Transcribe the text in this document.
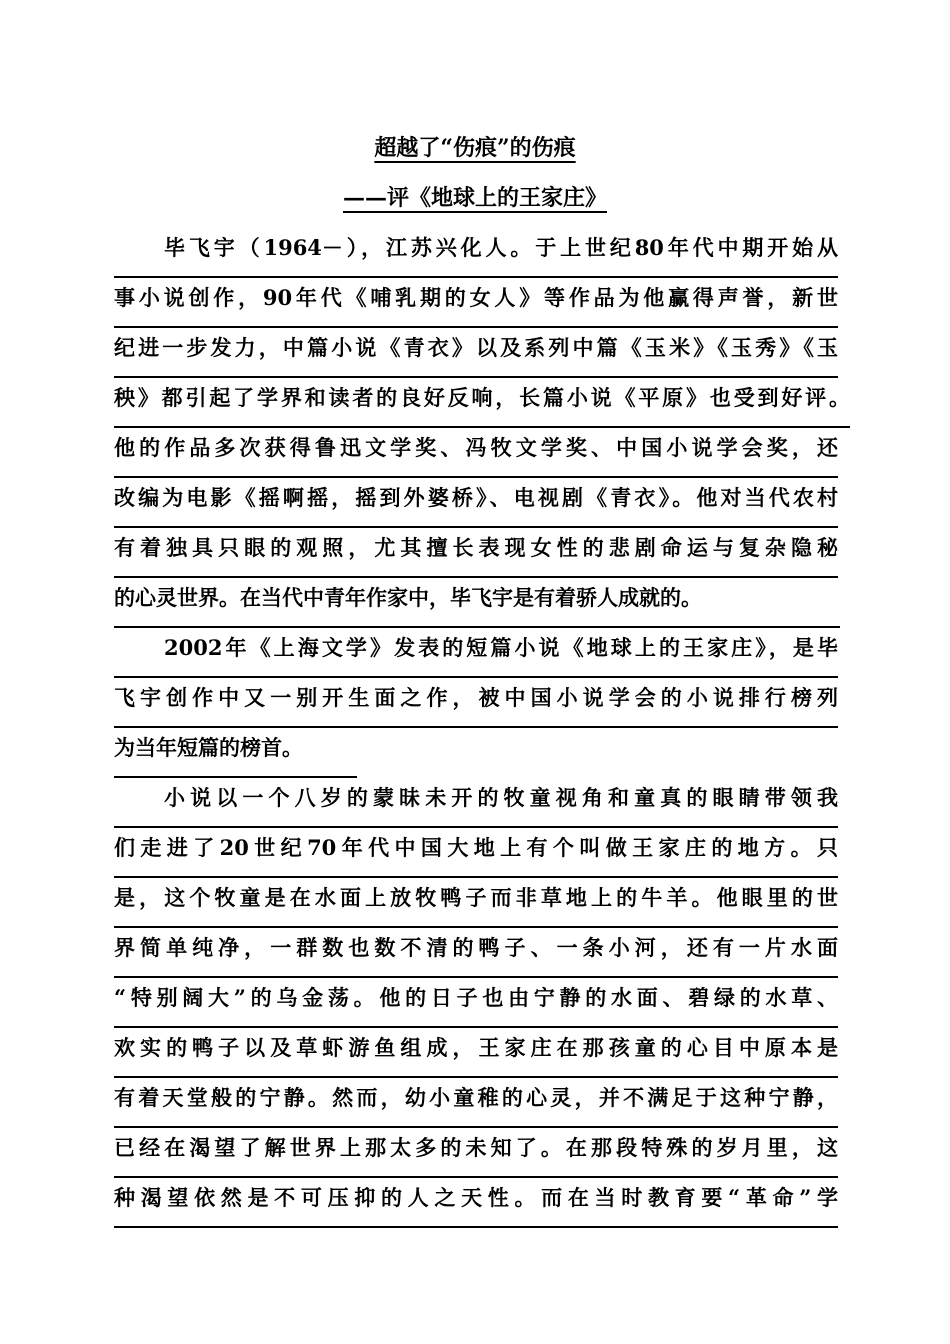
超越了“伤痕”的伤痕
——评《地球上的王家庄》
毕飞宇（1964－），江苏兴化人。于上世纪80年代中期开始从
事小说创作，90年代《哺乳期的女人》等作品为他赢得声誉，新世
纪进一步发力，中篇小说《青衣》以及系列中篇《玉米》《玉秀》《玉
秧》都引起了学界和读者的良好反响，长篇小说《平原》也受到好评。
他的作品多次获得鲁迅文学奖、冯牧文学奖、中国小说学会奖，还
改编为电影《摇啊摇，摇到外婆桥》、电视剧《青衣》。他对当代农村
有着独具只眼的观照，尤其擅长表现女性的悲剧命运与复杂隐秘
的心灵世界。在当代中青年作家中，毕飞宇是有着骄人成就的。
2002年《上海文学》发表的短篇小说《地球上的王家庄》，是毕
飞宇创作中又一别开生面之作，被中国小说学会的小说排行榜列
为当年短篇的榜首。
小说以一个八岁的蒙昧未开的牧童视角和童真的眼睛带领我
们走进了20世纪70年代中国大地上有个叫做王家庄的地方。只
是，这个牧童是在水面上放牧鸭子而非草地上的牛羊。他眼里的世
界简单纯净，一群数也数不清的鸭子、一条小河，还有一片水面
“特别阔大”的乌金荡。他的日子也由宁静的水面、碧绿的水草、
欢实的鸭子以及草虾游鱼组成，王家庄在那孩童的心目中原本是
有着天堂般的宁静。然而，幼小童稚的心灵，并不满足于这种宁静，
已经在渴望了解世界上那太多的未知了。在那段特殊的岁月里，这
种渴望依然是不可压抑的人之天性。而在当时教育要“革命”学
